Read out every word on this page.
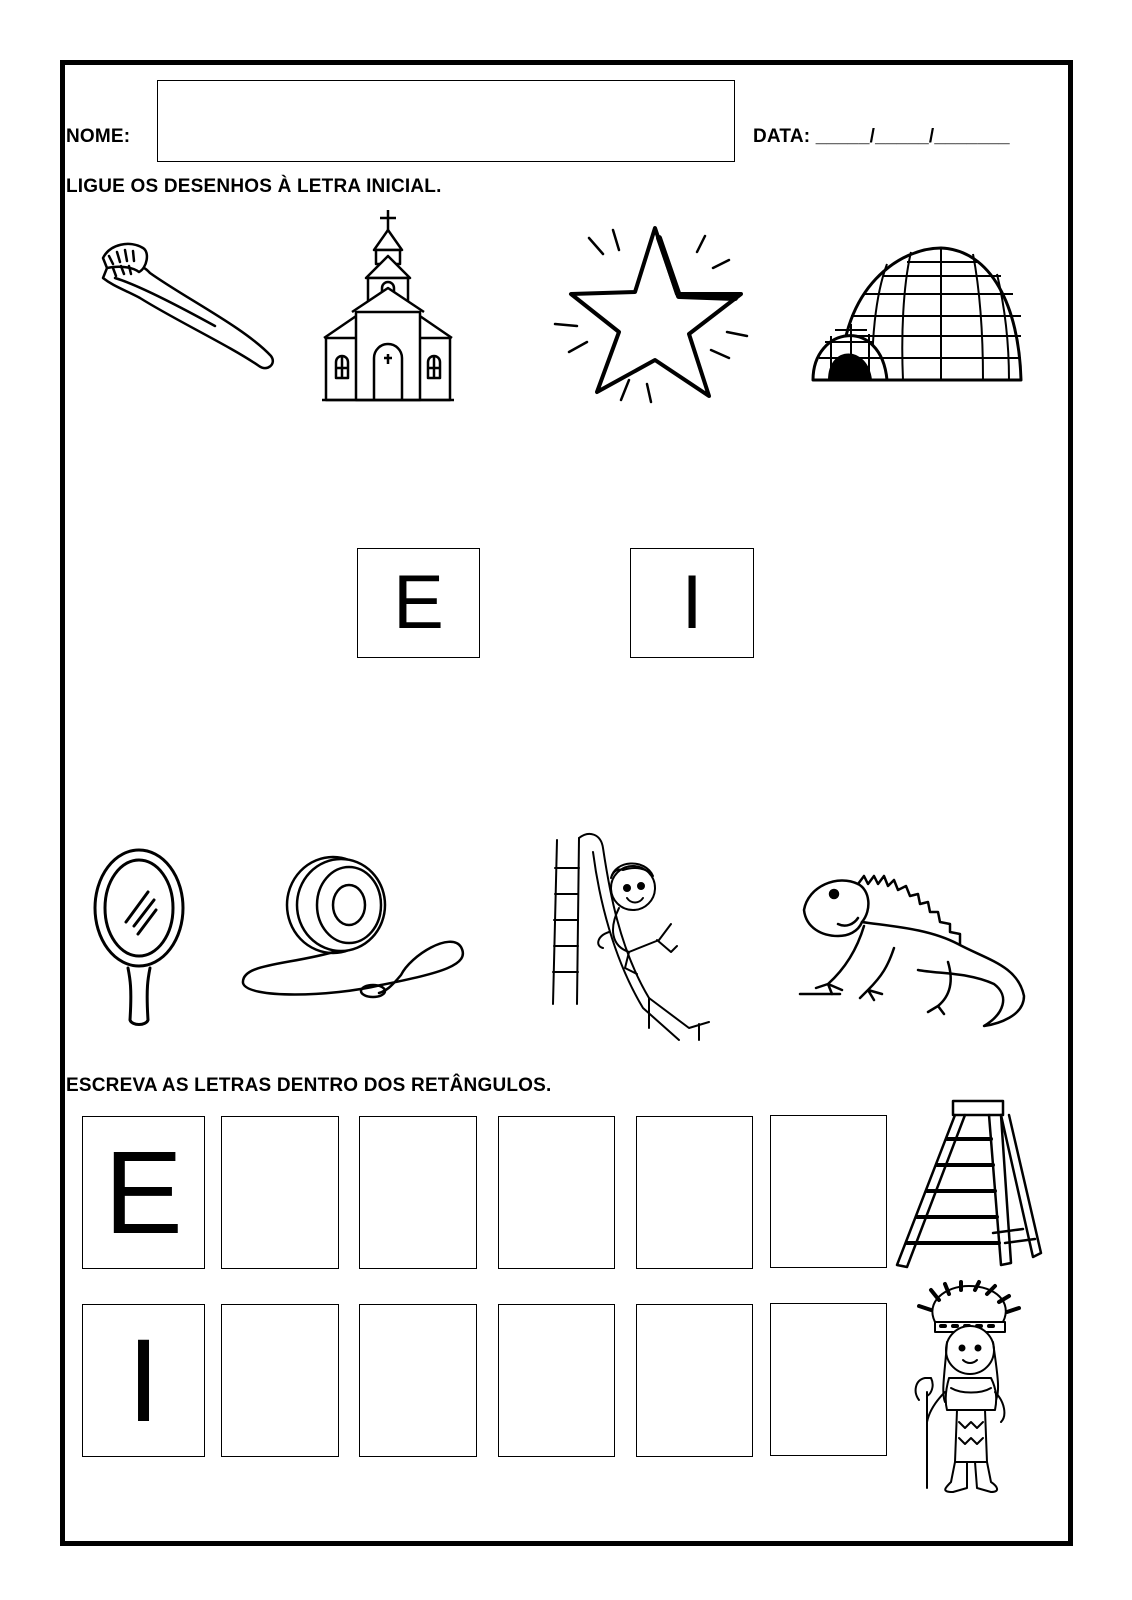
NOME:	DATA: _____/_____/_______
LIGUE OS DESENHOS À LETRA INICIAL.
E	I
ESCREVA AS LETRAS DENTRO DOS RETÂNGULOS.
E
I
